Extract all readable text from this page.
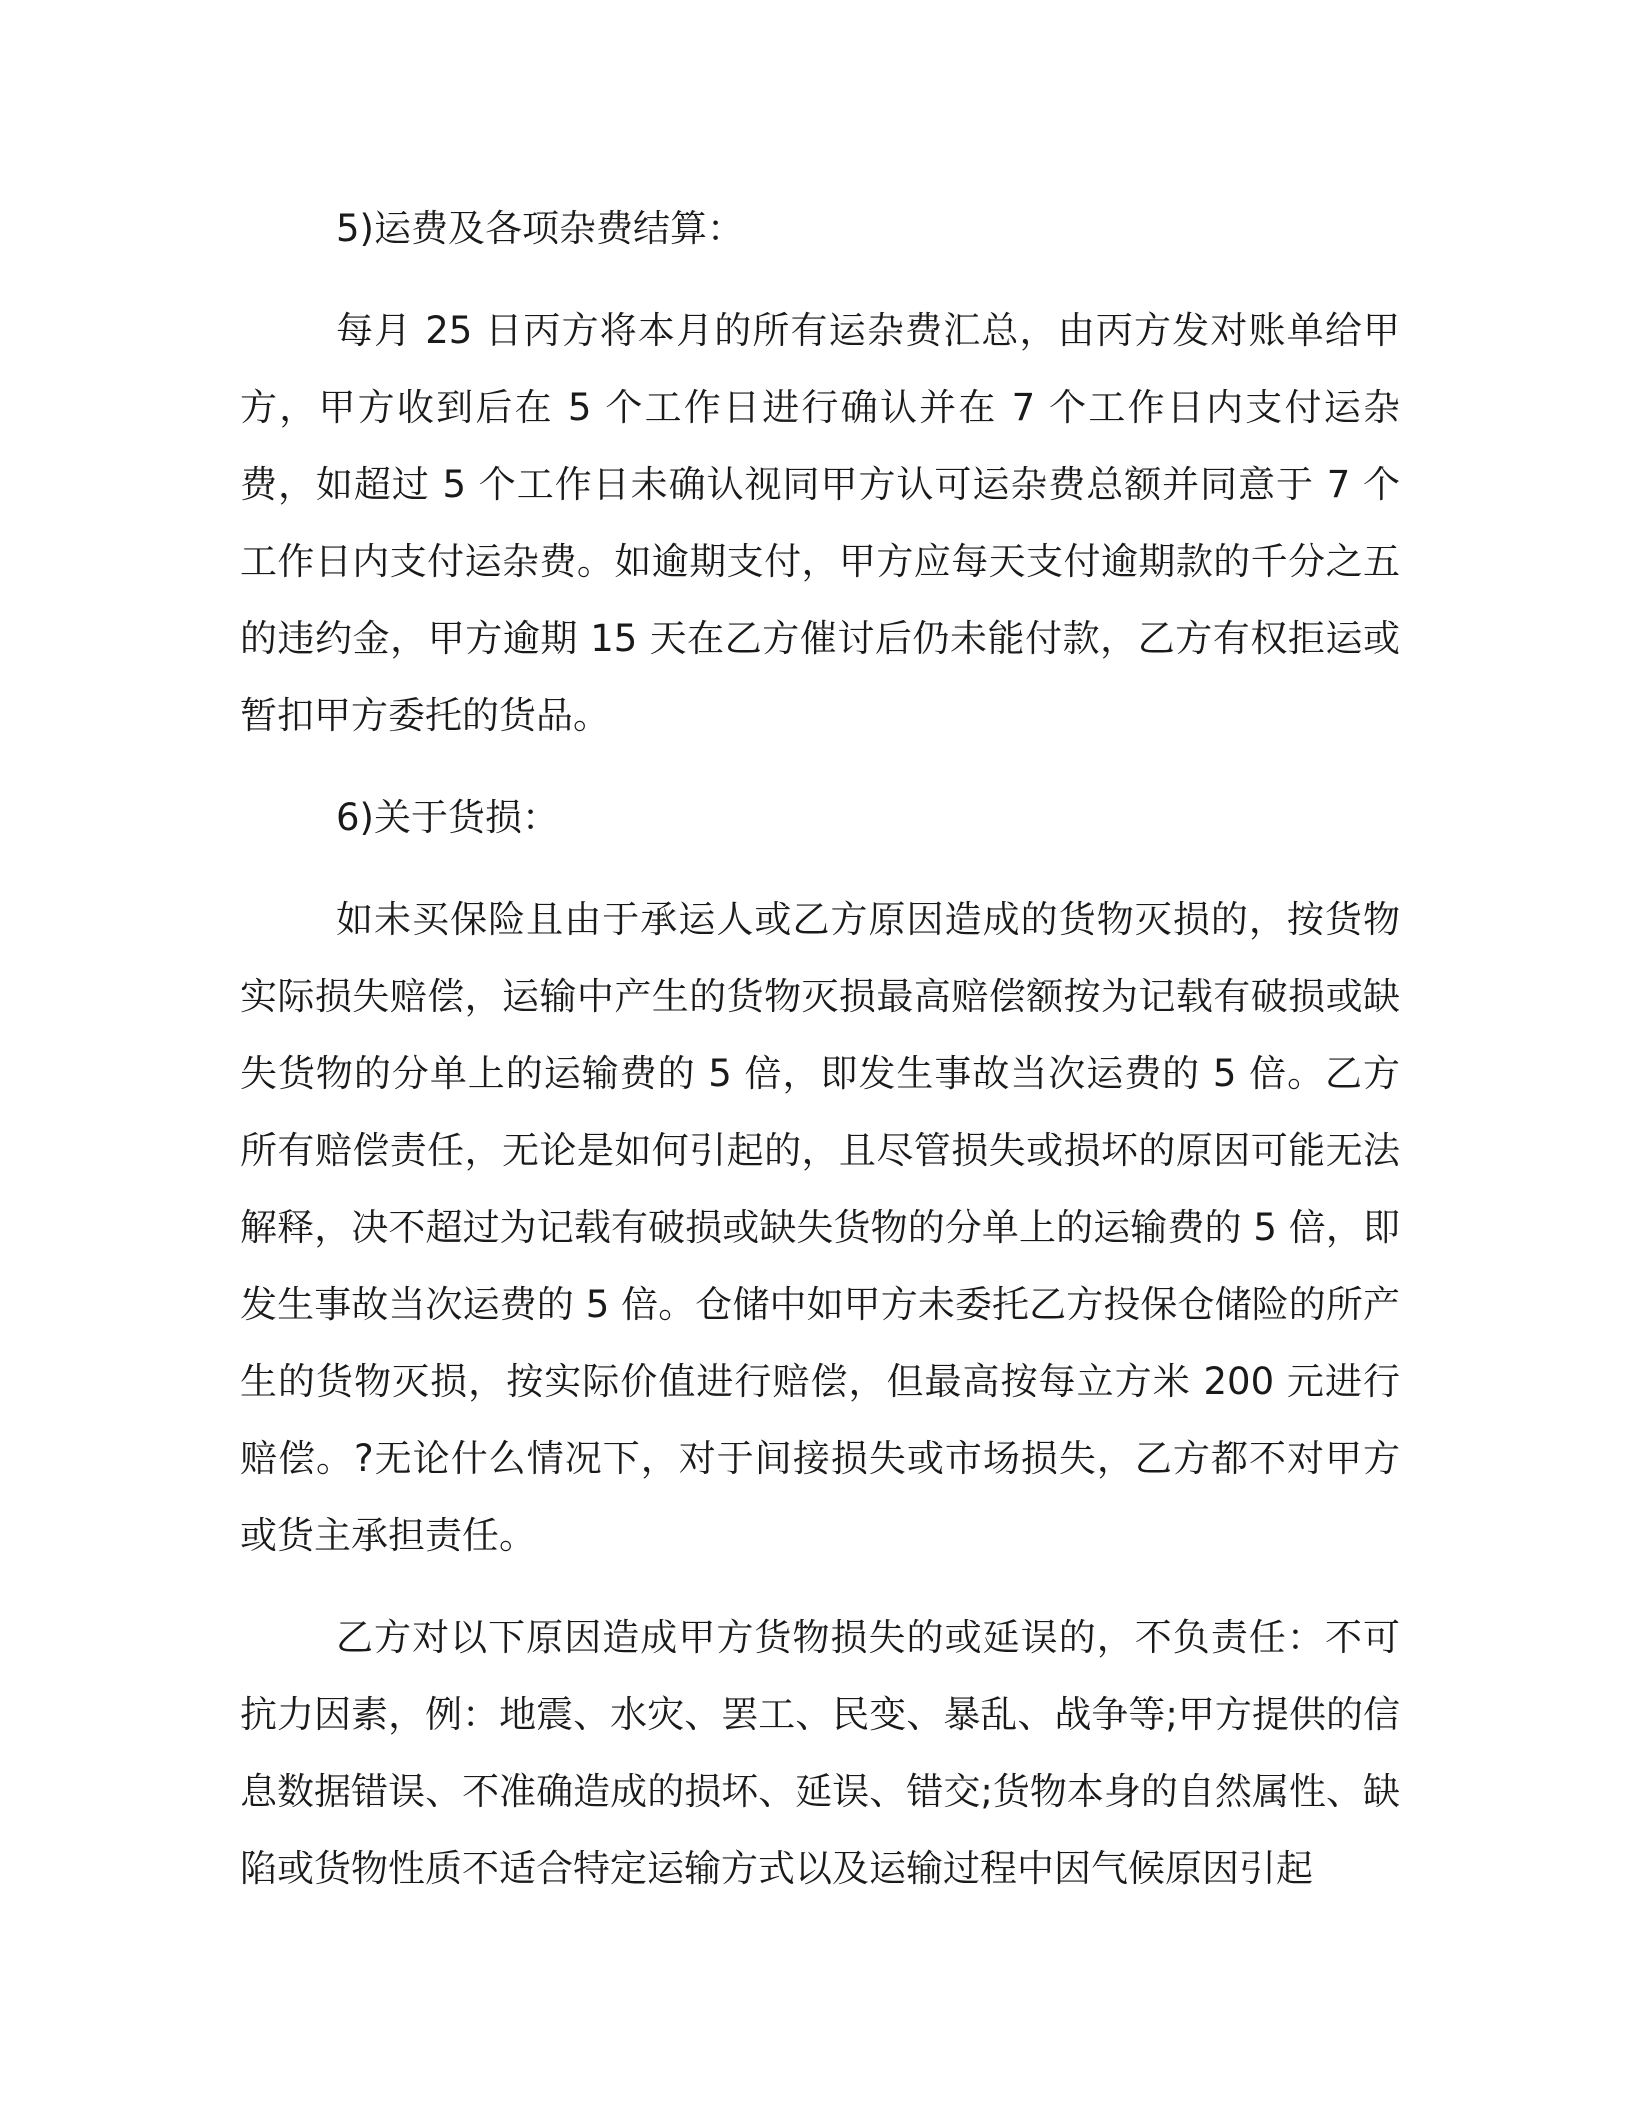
5)运费及各项杂费结算：

每月 25 日丙方将本月的所有运杂费汇总，由丙方发对账单给甲方，甲方收到后在 5 个工作日进行确认并在 7 个工作日内支付运杂费，如超过 5 个工作日未确认视同甲方认可运杂费总额并同意于 7 个工作日内支付运杂费。如逾期支付，甲方应每天支付逾期款的千分之五的违约金，甲方逾期 15 天在乙方催讨后仍未能付款，乙方有权拒运或暂扣甲方委托的货品。

6)关于货损：

如未买保险且由于承运人或乙方原因造成的货物灭损的，按货物实际损失赔偿，运输中产生的货物灭损最高赔偿额按为记载有破损或缺失货物的分单上的运输费的 5 倍，即发生事故当次运费的 5 倍。乙方所有赔偿责任，无论是如何引起的，且尽管损失或损坏的原因可能无法解释，决不超过为记载有破损或缺失货物的分单上的运输费的 5 倍，即发生事故当次运费的 5 倍。仓储中如甲方未委托乙方投保仓储险的所产生的货物灭损，按实际价值进行赔偿，但最高按每立方米 200 元进行赔偿。?无论什么情况下，对于间接损失或市场损失，乙方都不对甲方或货主承担责任。

乙方对以下原因造成甲方货物损失的或延误的，不负责任：不可抗力因素，例：地震、水灾、罢工、民变、暴乱、战争等;甲方提供的信息数据错误、不准确造成的损坏、延误、错交;货物本身的自然属性、缺陷或货物性质不适合特定运输方式以及运输过程中因气候原因引起
